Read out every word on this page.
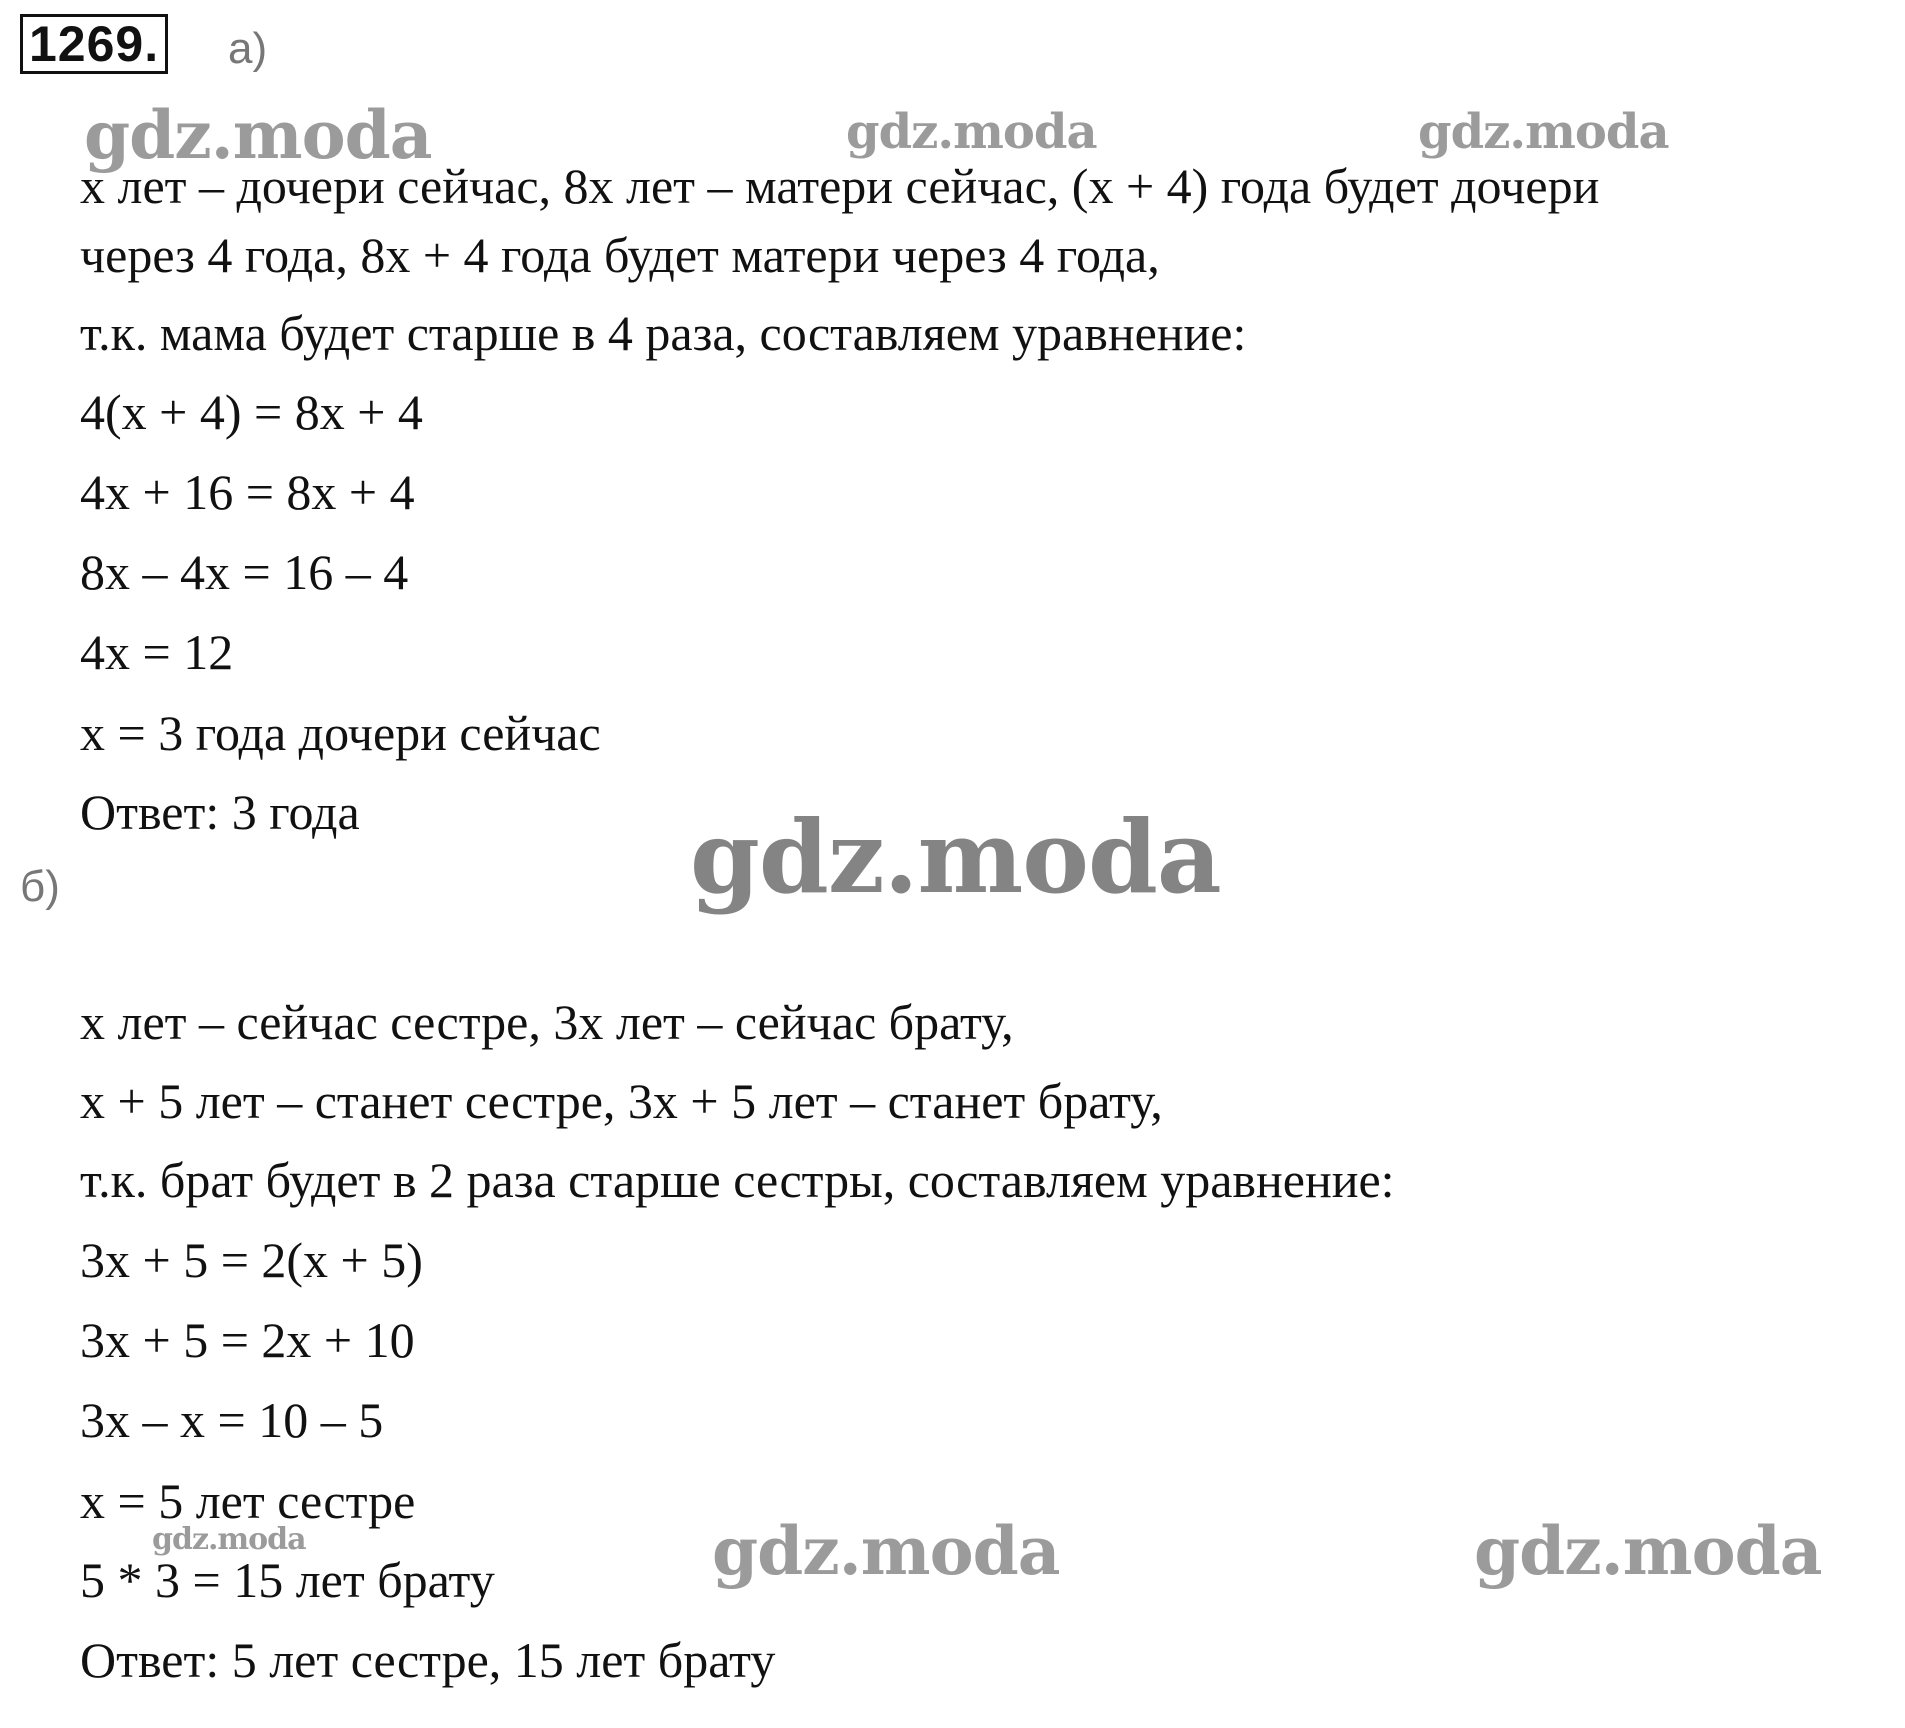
1269. а)
gdz.moda	gdz.moda	gdz.moda
gdz.moda
gdz.moda	gdz.moda	gdz.moda
x лет – дочери сейчас, 8x лет – матери сейчас, (x + 4) года будет дочери
через 4 года, 8x + 4 года будет матери через 4 года,
т.к. мама будет старше в 4 раза, составляем уравнение:
4(x + 4) = 8x + 4
4x + 16 = 8x + 4
8x – 4x = 16 – 4
4x = 12
x = 3 года дочери сейчас
Ответ: 3 года
б)
x лет – сейчас сестре, 3x лет – сейчас брату,
x + 5 лет – станет сестре, 3x + 5 лет – станет брату,
т.к. брат будет в 2 раза старше сестры, составляем уравнение:
3x + 5 = 2(x + 5)
3x + 5 = 2x + 10
3x – x = 10 – 5
x = 5 лет сестре
5 * 3 = 15 лет брату
Ответ: 5 лет сестре, 15 лет брату
